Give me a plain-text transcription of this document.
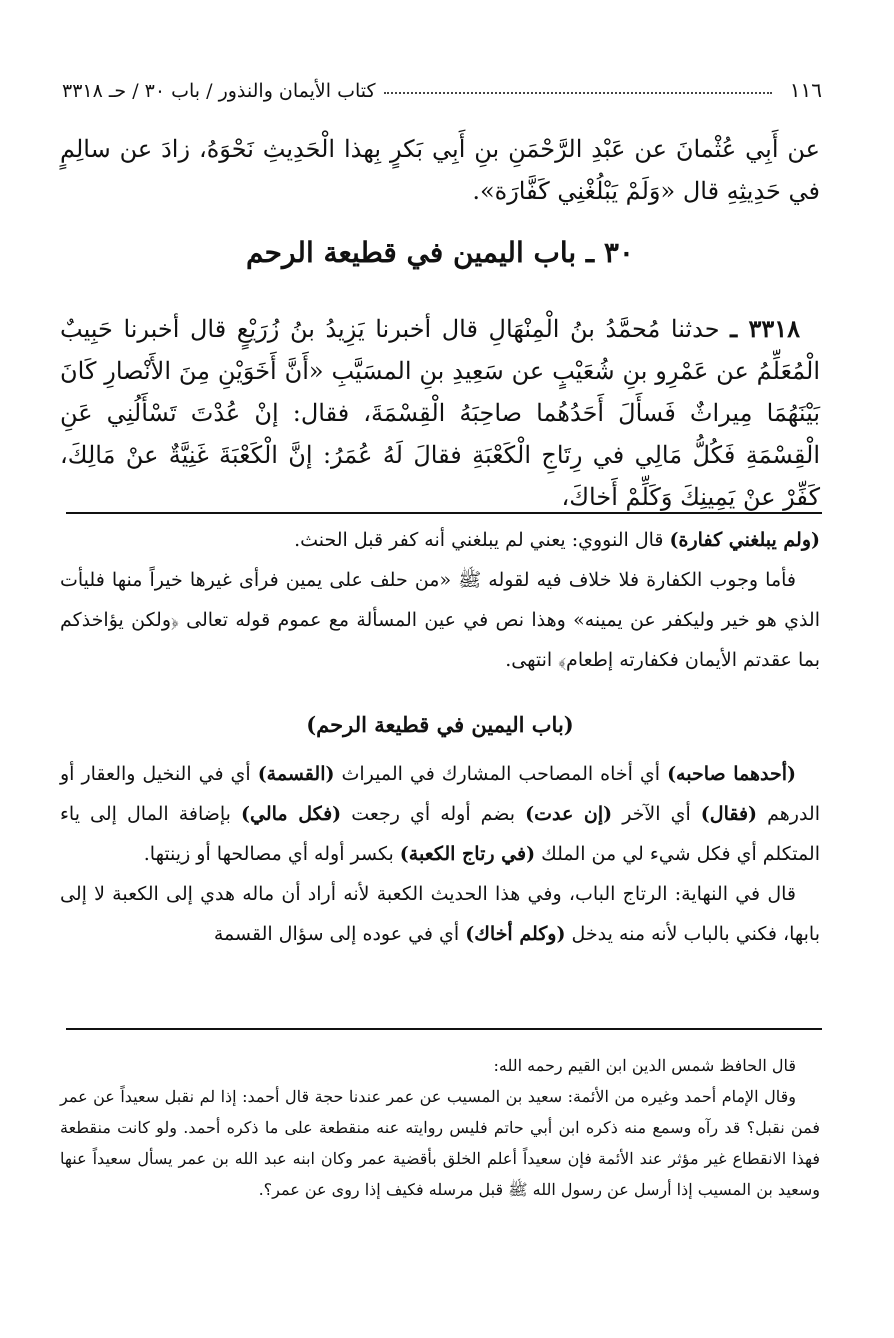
١١٦
كتاب الأيمان والنذور / باب ٣٠ / حـ ٣٣١٨

عن أَبِي عُثْمانَ عن عَبْدِ الرَّحْمَنِ بنِ أَبِي بَكرٍ بِهذا الْحَدِيثِ نَحْوَهُ، زادَ عن سالِمٍ في حَدِيثِهِ قال «وَلَمْ يَبْلُغْنِي كَفَّارَة».

٣٠ ـ باب اليمين في قطيعة الرحم

٣٣١٨ ـ حدثنا مُحمَّدُ بنُ الْمِنْهَالِ قال أخبرنا يَزِيدُ بنُ زُرَيْعٍ قال أخبرنا حَبِيبٌ الْمُعَلِّمُ عن عَمْرِو بنِ شُعَيْبٍ عن سَعِيدِ بنِ المسَيَّبِ «أَنَّ أَخَوَيْنِ مِنَ الأَنْصارِ كَانَ بَيْنَهُمَا مِيراثٌ فَسأَلَ أَحَدُهُما صاحِبَهُ الْقِسْمَةَ، فقال: إنْ عُدْتَ تَسْأَلُنِي عَنِ الْقِسْمَةِ فَكُلُّ مَالِي في رِتَاجِ الْكَعْبَةِ فقالَ لَهُ عُمَرُ: إنَّ الْكَعْبَةَ غَنِيَّةٌ عنْ مَالِكَ، كَفِّرْ عنْ يَمِينِكَ وَكَلِّمْ أَخاكَ،

(ولم يبلغني كفارة) قال النووي: يعني لم يبلغني أنه كفر قبل الحنث.

فأما وجوب الكفارة فلا خلاف فيه لقوله ﷺ «من حلف على يمين فرأى غيرها خيراً منها فليأت الذي هو خير وليكفر عن يمينه» وهذا نص في عين المسألة مع عموم قوله تعالى ﴿ولكن يؤاخذكم بما عقدتم الأيمان فكفارته إطعام﴾ انتهى.

(باب اليمين في قطيعة الرحم)

(أحدهما صاحبه) أي أخاه المصاحب المشارك في الميراث (القسمة) أي في النخيل والعقار أو الدرهم (فقال) أي الآخر (إن عدت) بضم أوله أي رجعت (فكل مالي) بإضافة المال إلى ياء المتكلم أي فكل شيء لي من الملك (في رتاج الكعبة) بكسر أوله أي مصالحها أو زينتها.

قال في النهاية: الرتاج الباب، وفي هذا الحديث الكعبة لأنه أراد أن ماله هدي إلى الكعبة لا إلى بابها، فكني بالباب لأنه منه يدخل (وكلم أخاك) أي في عوده إلى سؤال القسمة

قال الحافظ شمس الدين ابن القيم رحمه الله:

وقال الإمام أحمد وغيره من الأئمة: سعيد بن المسيب عن عمر عندنا حجة قال أحمد: إذا لم نقبل سعيداً عن عمر فمن نقبل؟ قد رآه وسمع منه ذكره ابن أبي حاتم فليس روايته عنه منقطعة على ما ذكره أحمد. ولو كانت منقطعة فهذا الانقطاع غير مؤثر عند الأئمة فإن سعيداً أعلم الخلق بأقضية عمر وكان ابنه عبد الله بن عمر يسأل سعيداً عنها وسعيد بن المسيب إذا أرسل عن رسول الله ﷺ قبل مرسله فكيف إذا روى عن عمر؟.
